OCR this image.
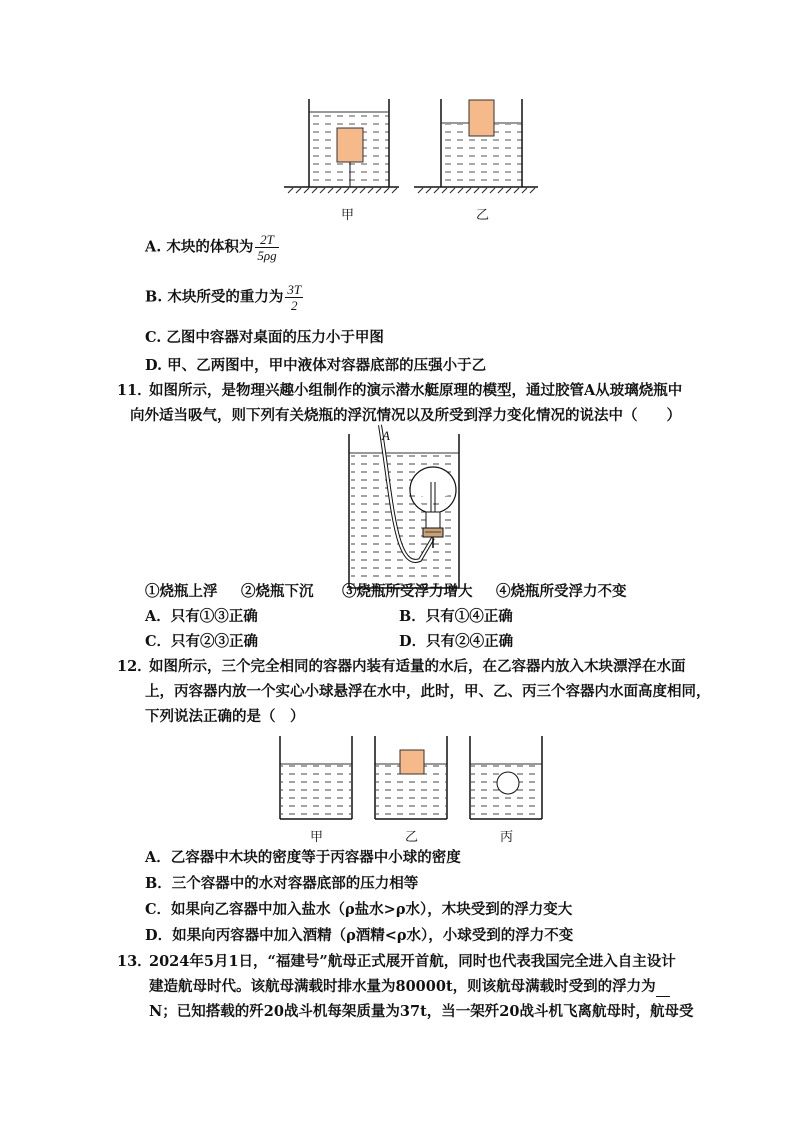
甲	乙
A. 木块的体积为 $\frac{2T}{5\rho g}$
B. 木块所受的重力为 $\frac{3T}{2}$
C. 乙图中容器对桌面的压力小于甲图
D. 甲、乙两图中，甲中液体对容器底部的压强小于乙
11．
如图所示，是物理兴趣小组制作的演示潜水艇原理的模型，通过胶管A从玻璃烧瓶中
向外适当吸气，则下列有关烧瓶的浮沉情况以及所受到浮力变化情况的说法中（　　）
A
①烧瓶上浮 ②烧瓶下沉 ③烧瓶所受浮力增大 ④烧瓶所受浮力不变
A．只有①③正确	B．只有①④正确
C．只有②③正确	D．只有②④正确
12．
如图所示，三个完全相同的容器内装有适量的水后，在乙容器内放入木块漂浮在水面
上，丙容器内放一个实心小球悬浮在水中，此时，甲、乙、丙三个容器内水面高度相同，
下列说法正确的是（　）
甲	乙	丙
A．乙容器中木块的密度等于丙容器中小球的密度
B．三个容器中的水对容器底部的压力相等
C．如果向乙容器中加入盐水（ρ盐水>ρ水），木块受到的浮力变大
D．如果向丙容器中加入酒精（ρ酒精<ρ水），小球受到的浮力不变
13．
2024年5月1日，“福建号”航母正式展开首航，同时也代表我国完全进入自主设计
建造航母时代。该航母满载时排水量为80000t，则该航母满载时受到的浮力为
N；已知搭载的歼20战斗机每架质量为37t，当一架歼20战斗机飞离航母时，航母受
